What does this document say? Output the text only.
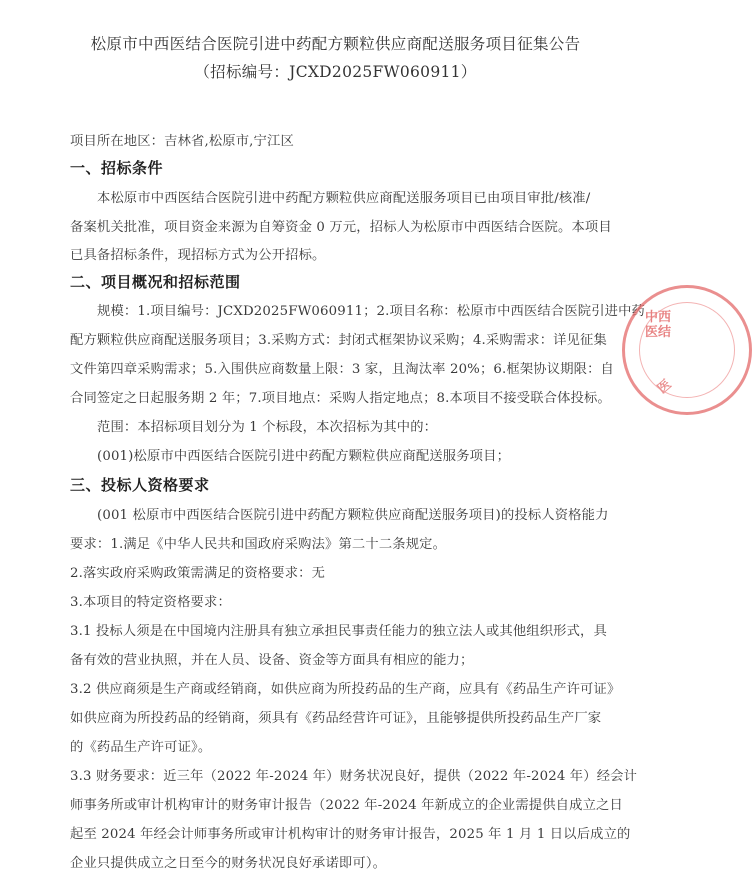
松原市中西医结合医院引进中药配方颗粒供应商配送服务项目征集公告
（招标编号：JCXD2025FW060911）
项目所在地区：吉林省,松原市,宁江区
一、招标条件
本松原市中西医结合医院引进中药配方颗粒供应商配送服务项目已由项目审批/核准/
备案机关批准，项目资金来源为自筹资金 0 万元，招标人为松原市中西医结合医院。本项目
已具备招标条件，现招标方式为公开招标。
二、项目概况和招标范围
规模：1.项目编号：JCXD2025FW060911；2.项目名称：松原市中西医结合医院引进中药
配方颗粒供应商配送服务项目；3.采购方式：封闭式框架协议采购；4.采购需求：详见征集
文件第四章采购需求；5.入围供应商数量上限：3 家，且淘汰率 20%；6.框架协议期限：自
合同签定之日起服务期 2 年；7.项目地点：采购人指定地点；8.本项目不接受联合体投标。
范围：本招标项目划分为 1 个标段，本次招标为其中的：
(001)松原市中西医结合医院引进中药配方颗粒供应商配送服务项目；
三、投标人资格要求
(001 松原市中西医结合医院引进中药配方颗粒供应商配送服务项目)的投标人资格能力
要求：1.满足《中华人民共和国政府采购法》第二十二条规定。
2.落实政府采购政策需满足的资格要求：无
3.本项目的特定资格要求：
3.1 投标人须是在中国境内注册具有独立承担民事责任能力的独立法人或其他组织形式，具
备有效的营业执照，并在人员、设备、资金等方面具有相应的能力；
3.2 供应商须是生产商或经销商，如供应商为所投药品的生产商，应具有《药品生产许可证》
如供应商为所投药品的经销商，须具有《药品经营许可证》，且能够提供所投药品生产厂家
的《药品生产许可证》。
3.3 财务要求：近三年（2022 年-2024 年）财务状况良好，提供（2022 年-2024 年）经会计
师事务所或审计机构审计的财务审计报告（2022 年-2024 年新成立的企业需提供自成立之日
起至 2024 年经会计师事务所或审计机构审计的财务审计报告，2025 年 1 月 1 日以后成立的
企业只提供成立之日至今的财务状况良好承诺即可）。
中西医结
医
